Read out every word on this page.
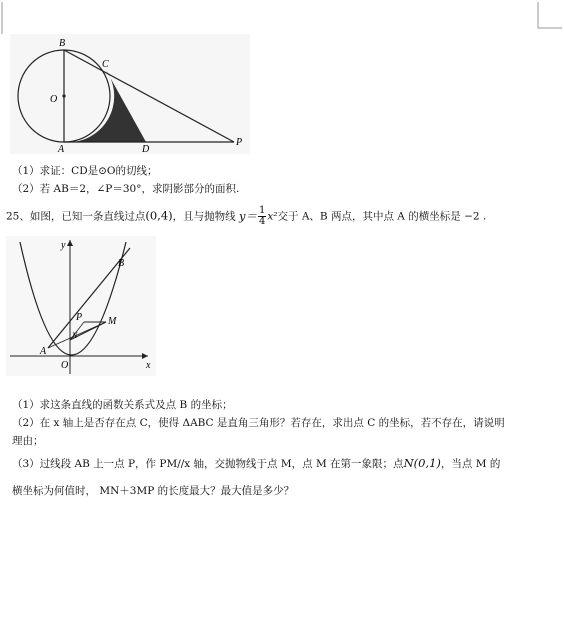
B
C
O
A	D
P
（1）求证：CD是⊙O的切线；
（2）若 AB＝2，∠P＝30°，求阴影部分的面积.
25、如图，已知一条直线过点(0,4)，且与抛物线 $y= \frac{1}{4} x^2$交于 A、B 两点，其中点 A 的横坐标是 −2 .
y
x
O
A
B
P	M
N
（1）求这条直线的函数关系式及点 B 的坐标；
（2）在 x 轴上是否存在点 C，使得 ΔABC 是直角三角形？若存在，求出点 C 的坐标，若不存在，请说明
理由；
（3）过线段 AB 上一点 P，作 PM//x 轴，交抛物线于点 M，点 M 在第一象限；点N(0,1)，当点 M 的
横坐标为何值时， MN＋3MP 的长度最大？最大值是多少？
